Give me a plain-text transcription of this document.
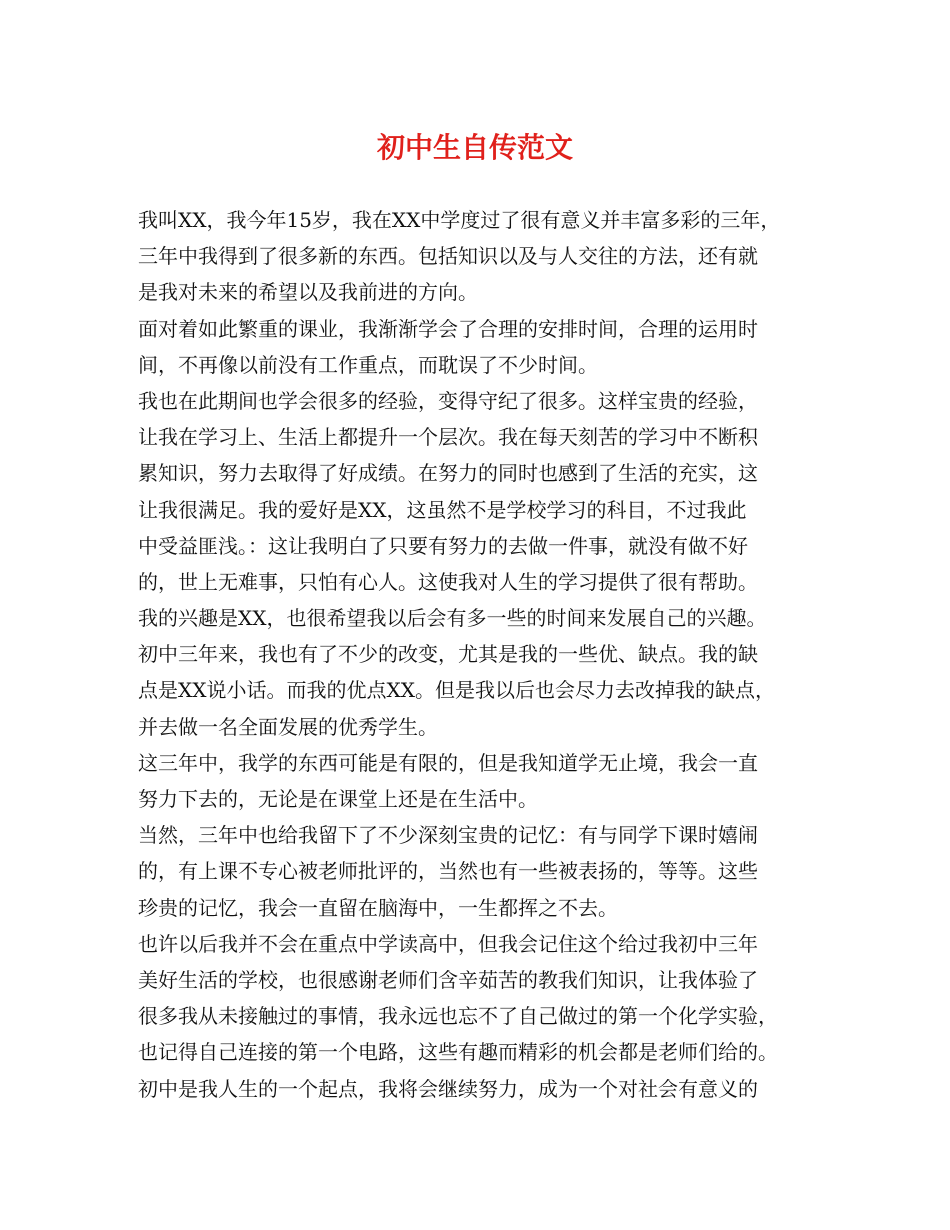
初中生自传范文
我叫XX，我今年15岁，我在XX中学度过了很有意义并丰富多彩的三年，
三年中我得到了很多新的东西。包括知识以及与人交往的方法，还有就
是我对未来的希望以及我前进的方向。
面对着如此繁重的课业，我渐渐学会了合理的安排时间，合理的运用时
间，不再像以前没有工作重点，而耽误了不少时间。
我也在此期间也学会很多的经验，变得守纪了很多。这样宝贵的经验，
让我在学习上、生活上都提升一个层次。我在每天刻苦的学习中不断积
累知识，努力去取得了好成绩。在努力的同时也感到了生活的充实，这
让我很满足。我的爱好是XX，这虽然不是学校学习的科目，不过我此
中受益匪浅。：这让我明白了只要有努力的去做一件事，就没有做不好
的，世上无难事，只怕有心人。这使我对人生的学习提供了很有帮助。
我的兴趣是XX，也很希望我以后会有多一些的时间来发展自己的兴趣。
初中三年来，我也有了不少的改变，尤其是我的一些优、缺点。我的缺
点是XX说小话。而我的优点XX。但是我以后也会尽力去改掉我的缺点，
并去做一名全面发展的优秀学生。
这三年中，我学的东西可能是有限的，但是我知道学无止境，我会一直
努力下去的，无论是在课堂上还是在生活中。
当然，三年中也给我留下了不少深刻宝贵的记忆：有与同学下课时嬉闹
的，有上课不专心被老师批评的，当然也有一些被表扬的，等等。这些
珍贵的记忆，我会一直留在脑海中，一生都挥之不去。
也许以后我并不会在重点中学读高中，但我会记住这个给过我初中三年
美好生活的学校，也很感谢老师们含辛茹苦的教我们知识，让我体验了
很多我从未接触过的事情，我永远也忘不了自己做过的第一个化学实验，
也记得自己连接的第一个电路，这些有趣而精彩的机会都是老师们给的。
初中是我人生的一个起点，我将会继续努力，成为一个对社会有意义的
